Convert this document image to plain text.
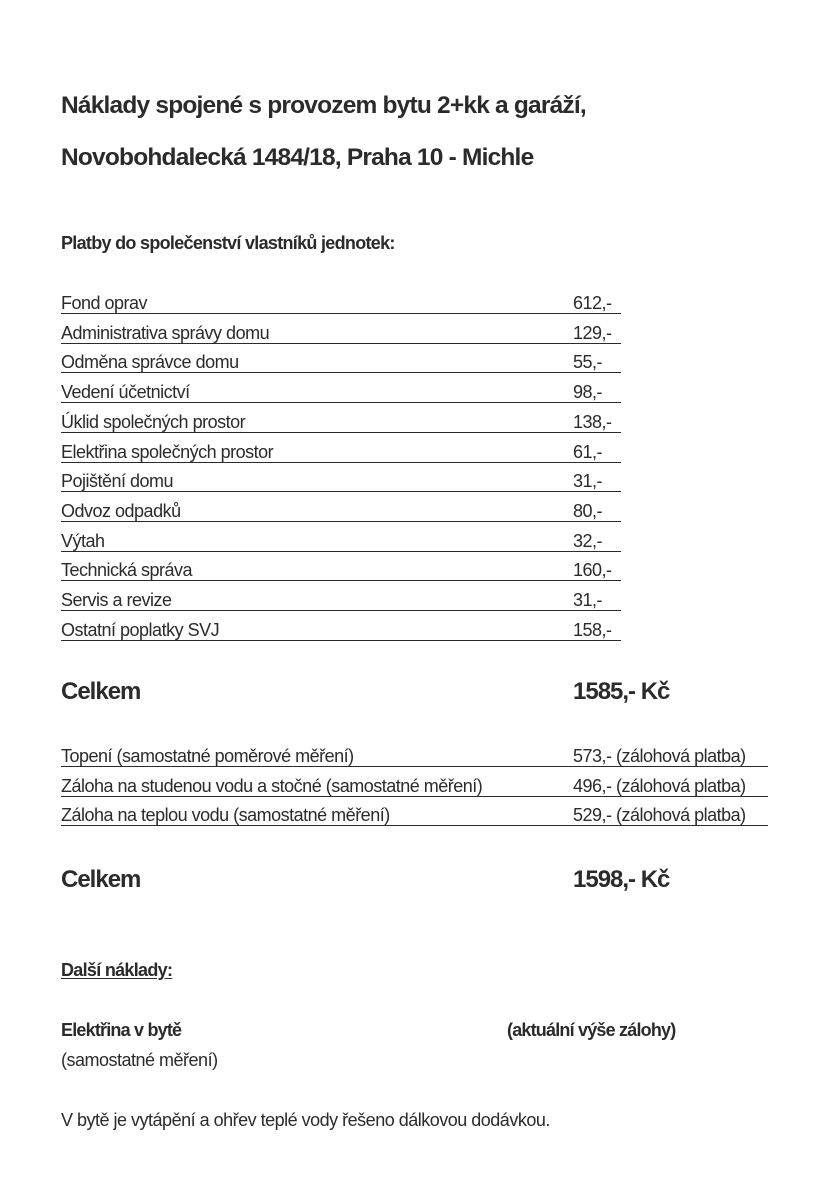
Náklady spojené s provozem bytu 2+kk a garáží,
Novobohdalecká 1484/18, Praha 10 - Michle
Platby do společenství vlastníků jednotek:
Fond oprav	612,-
Administrativa správy domu	129,-
Odměna správce domu	55,-
Vedení účetnictví	98,-
Úklid společných prostor	138,-
Elektřina společných prostor	61,-
Pojištění domu	31,-
Odvoz odpadků	80,-
Výtah	32,-
Technická správa	160,-
Servis a revize	31,-
Ostatní poplatky SVJ	158,-
Celkem	1585,- Kč
Topení (samostatné poměrové měření)	573,- (zálohová platba)
Záloha na studenou vodu a stočné (samostatné měření)	496,- (zálohová platba)
Záloha na teplou vodu (samostatné měření)	529,- (zálohová platba)
Celkem	1598,- Kč
Další náklady:
Elektřina v bytě	(aktuální výše zálohy)
(samostatné měření)
V bytě je vytápění a ohřev teplé vody řešeno dálkovou dodávkou.
